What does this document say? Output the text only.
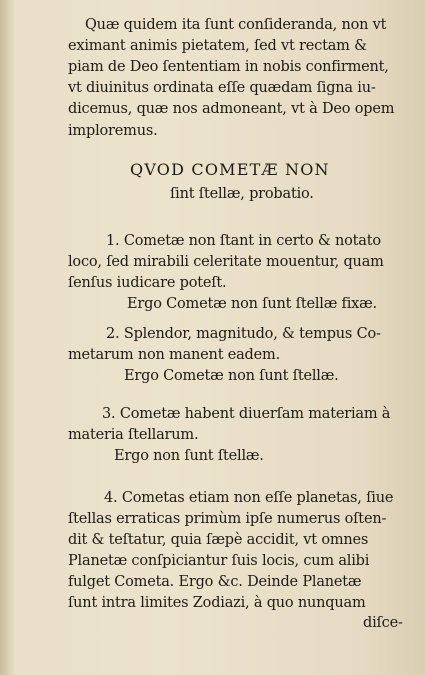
Quæ quidem ita ſunt conſideranda, non vt
eximant animis pietatem, ſed vt rectam &
piam de Deo ſententiam in nobis confirment,
vt diuinitus ordinata eſſe quædam ſigna iu-
dicemus, quæ nos admoneant, vt à Deo opem
imploremus.
QVOD COMETÆ NON
ſint ſtellæ, probatio.
1. Cometæ non ſtant in certo & notato
loco, ſed mirabili celeritate mouentur, quam
ſenſus iudicare poteſt.
Ergo Cometæ non ſunt ſtellæ fixæ.
2. Splendor, magnitudo, & tempus Co-
metarum non manent eadem.
Ergo Cometæ non ſunt ſtellæ.
3. Cometæ habent diuerſam materiam à
materia ſtellarum.
Ergo non ſunt ſtellæ.
4. Cometas etiam non eſſe planetas, ſiue
ſtellas erraticas primùm ipſe numerus oſten-
dit & teſtatur, quia ſæpè accidit, vt omnes
Planetæ conſpiciantur ſuis locis, cum alibi
fulget Cometa. Ergo &c. Deinde Planetæ
ſunt intra limites Zodiazi, à quo nunquam
diſce-
